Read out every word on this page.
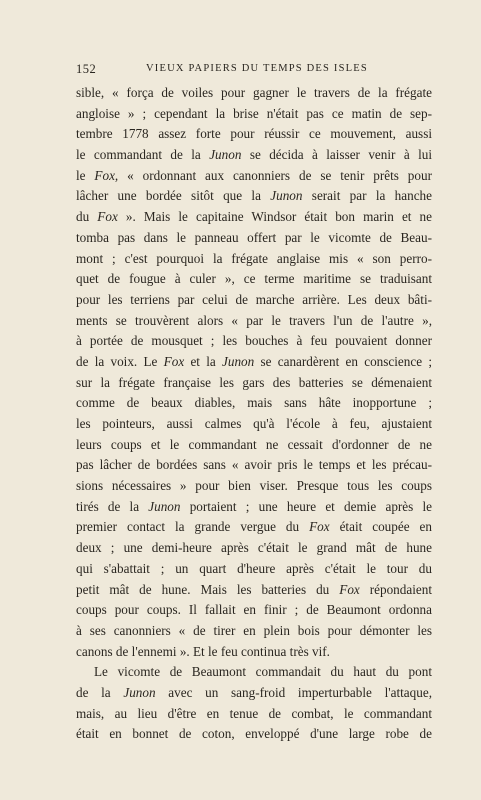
152	VIEUX PAPIERS DU TEMPS DES ISLES
sible, « força de voiles pour gagner le travers de la frégate
angloise » ; cependant la brise n'était pas ce matin de sep-
tembre 1778 assez forte pour réussir ce mouvement, aussi
le commandant de la Junon se décida à laisser venir à lui
le Fox, « ordonnant aux canonniers de se tenir prêts pour
lâcher une bordée sitôt que la Junon serait par la hanche
du Fox ». Mais le capitaine Windsor était bon marin et ne
tomba pas dans le panneau offert par le vicomte de Beau-
mont ; c'est pourquoi la frégate anglaise mis « son perro-
quet de fougue à culer », ce terme maritime se traduisant
pour les terriens par celui de marche arrière. Les deux bâti-
ments se trouvèrent alors « par le travers l'un de l'autre »,
à portée de mousquet ; les bouches à feu pouvaient donner
de la voix. Le Fox et la Junon se canardèrent en conscience ;
sur la frégate française les gars des batteries se démenaient
comme de beaux diables, mais sans hâte inopportune ;
les pointeurs, aussi calmes qu'à l'école à feu, ajustaient
leurs coups et le commandant ne cessait d'ordonner de ne
pas lâcher de bordées sans « avoir pris le temps et les précau-
sions nécessaires » pour bien viser. Presque tous les coups
tirés de la Junon portaient ; une heure et demie après le
premier contact la grande vergue du Fox était coupée en
deux ; une demi-heure après c'était le grand mât de hune
qui s'abattait ; un quart d'heure après c'était le tour du
petit mât de hune. Mais les batteries du Fox répondaient
coups pour coups. Il fallait en finir ; de Beaumont ordonna
à ses canonniers « de tirer en plein bois pour démonter les
canons de l'ennemi ». Et le feu continua très vif.
Le vicomte de Beaumont commandait du haut du pont
de la Junon avec un sang-froid imperturbable l'attaque,
mais, au lieu d'être en tenue de combat, le commandant
était en bonnet de coton, enveloppé d'une large robe de
